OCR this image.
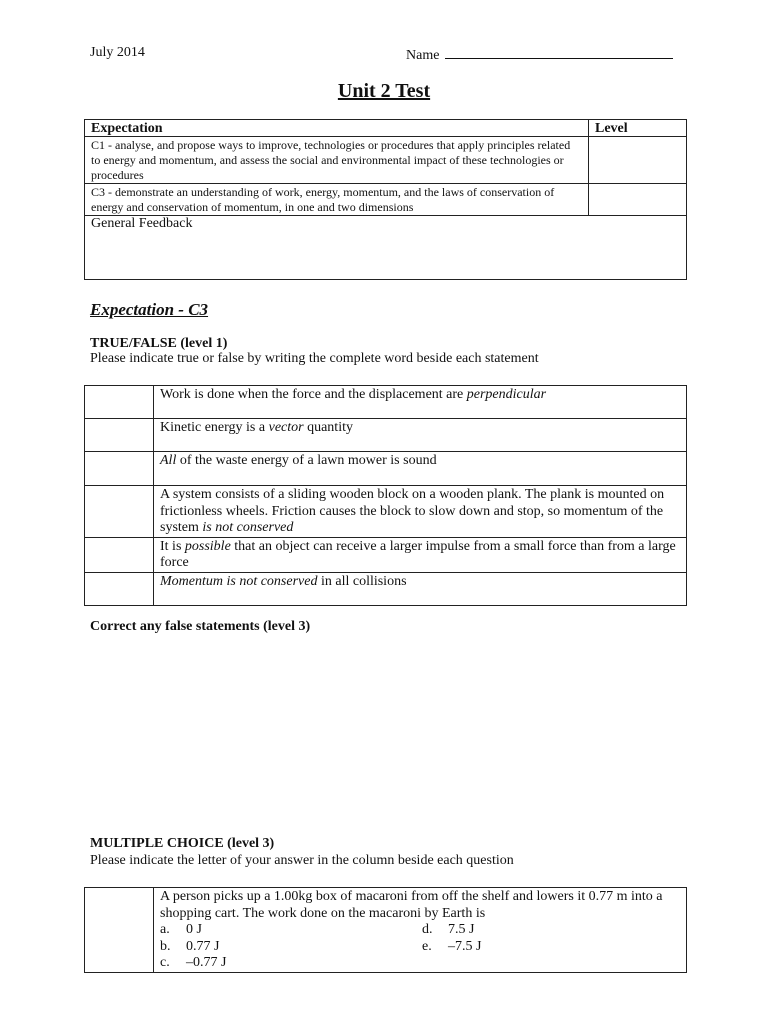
July 2014	Name
Unit 2 Test
Expectation	Level
C1 - analyse, and propose ways to improve, technologies or procedures that apply principles related to energy and momentum, and assess the social and environmental impact of these technologies or procedures	
C3 - demonstrate an understanding of work, energy, momentum, and the laws of conservation of energy and conservation of momentum, in one and two dimensions	
General Feedback	
Expectation - C3
TRUE/FALSE (level 1)
Please indicate true or false by writing the complete word beside each statement
	Work is done when the force and the displacement are perpendicular
	Kinetic energy is a vector quantity
	All of the waste energy of a lawn mower is sound
	A system consists of a sliding wooden block on a wooden plank. The plank is mounted on frictionless wheels. Friction causes the block to slow down and stop, so momentum of the system is not conserved
	It is possible that an object can receive a larger impulse from a small force than from a large force
	Momentum is not conserved in all collisions
Correct any false statements (level 3)
MULTIPLE CHOICE (level 3)
Please indicate the letter of your answer in the column beside each question

A person picks up a 1.00kg box of macaroni from off the shelf and lowers it 0.77 m into a shopping cart. The work done on the macaroni by Earth is
a.	0 J	d.	7.5 J
b.	0.77 J	e.	–7.5 J
c.	–0.77 J
